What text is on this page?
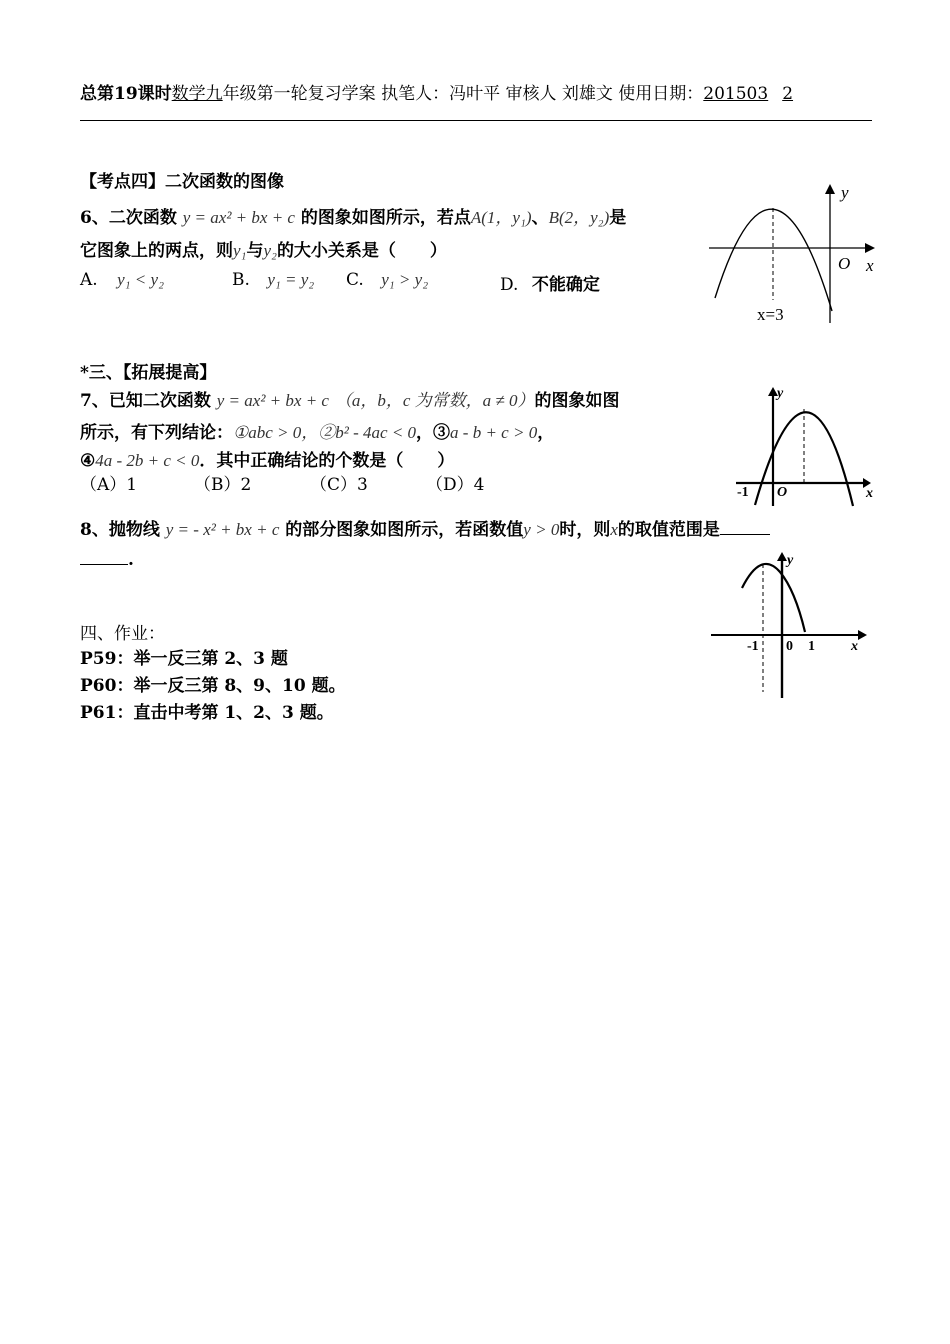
总第19课时数学九年级第一轮复习学案 执笔人：冯叶平 审核人 刘雄文 使用日期：201503 2
【考点四】二次函数的图像
6、二次函数 y = ax² + bx + c 的图象如图所示，若点A(1，y₁)、B(2，y₂)是
它图象上的两点，则y₁与y₂的大小关系是（　　）
A. y₁ < y₂	B. y₁ = y₂ C. y₁ > y₂	D. 不能确定
y
O x
x=3
*三、【拓展提高】
7、已知二次函数 y = ax² + bx + c （a，b，c 为常数，a ≠ 0）的图象如图
所示，有下列结论：①abc > 0，②b² - 4ac < 0，③a - b + c > 0，
④4a - 2b + c < 0．其中正确结论的个数是（　　）
（A）1	（B）2	（C）3	（D）4
y
-1 O	x
8、抛物线 y = - x² + bx + c 的部分图象如图所示，若函数值y > 0时，则x的取值范围是
.	y
-1 0 1	x
四、作业：
P59：举一反三第 2、3 题
P60：举一反三第 8、9、10 题。
P61：直击中考第 1、2、3 题。
